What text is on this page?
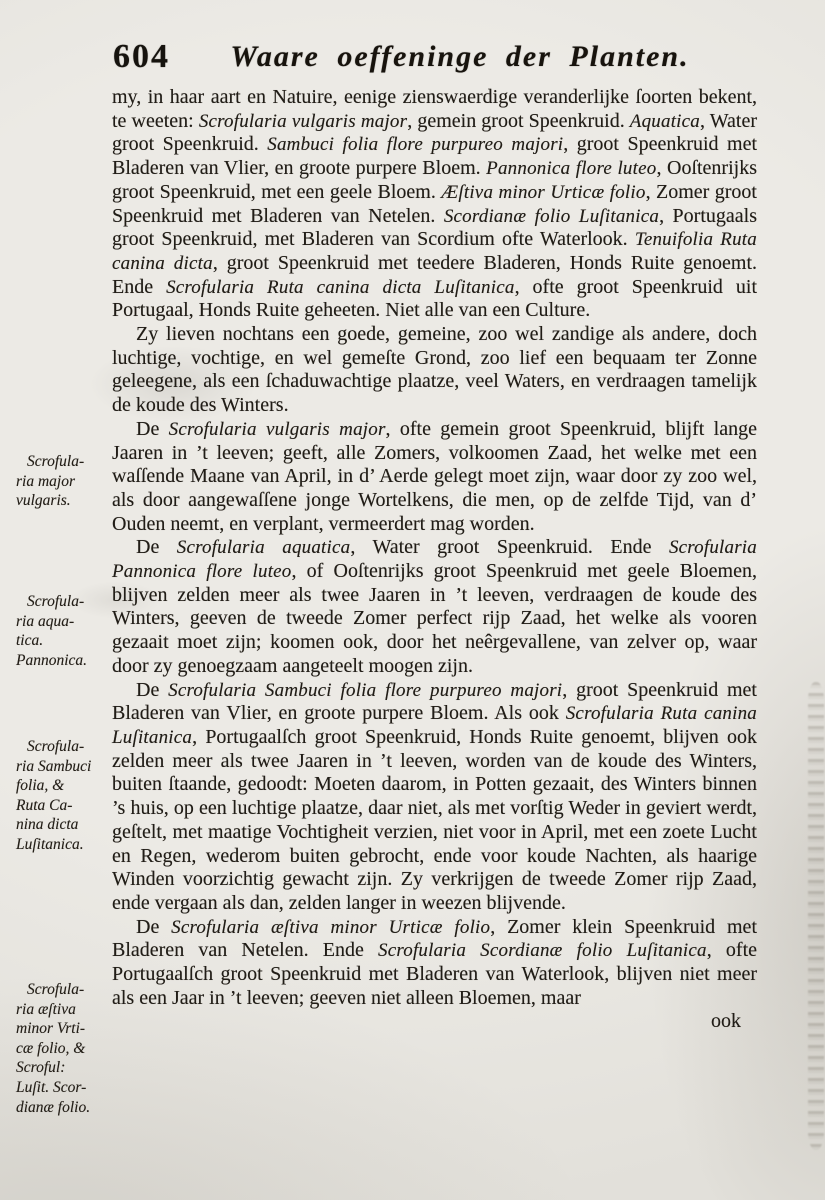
604	Waare oeffeninge der Planten.
Scrofula-
ria major
vulgaris.
Scrofula-
ria aqua-
tica.
Pannonica.
Scrofula-
ria Sambuci
folia, &
Ruta Ca-
nina dicta
Luſitanica.
Scrofula-
ria æſtiva
minor Vrti-
cæ folio, &
Scroful:
Luſit. Scor-
dianæ folio.

my, in haar aart en Natuire, eenige zienswaerdige veranderlijke ſoorten bekent, te weeten: Scrofularia vulgaris major, gemein groot Speenkruid. Aquatica, Water groot Speenkruid. Sambuci folia flore purpureo majori, groot Speenkruid met Bladeren van Vlier, en groote purpere Bloem. Pannonica flore luteo, Ooſtenrijks groot Speenkruid, met een geele Bloem. Æſtiva minor Urticæ folio, Zomer groot Speenkruid met Bladeren van Netelen. Scordianæ folio Luſitanica, Portugaals groot Speenkruid, met Bladeren van Scordium ofte Waterlook. Tenuifolia Ruta canina dicta, groot Speenkruid met teedere Bladeren, Honds Ruite genoemt. Ende Scrofularia Ruta canina dicta Luſitanica, ofte groot Speenkruid uit Portugaal, Honds Ruite geheeten. Niet alle van een Culture.

Zy lieven nochtans een goede, gemeine, zoo wel zandige als andere, doch luchtige, vochtige, en wel gemeſte Grond, zoo lief een bequaam ter Zonne geleegene, als een ſchaduwachtige plaatze, veel Waters, en verdraagen tamelijk de koude des Winters.

De Scrofularia vulgaris major, ofte gemein groot Speenkruid, blijft lange Jaaren in ’t leeven; geeft, alle Zomers, volkoomen Zaad, het welke met een waſſende Maane van April, in d’ Aerde gelegt moet zijn, waar door zy zoo wel, als door aangewaſſene jonge Wortelkens, die men, op de zelfde Tijd, van d’ Ouden neemt, en verplant, vermeerdert mag worden.

De Scrofularia aquatica, Water groot Speenkruid. Ende Scrofularia Pannonica flore luteo, of Ooſtenrijks groot Speenkruid met geele Bloemen, blijven zelden meer als twee Jaaren in ’t leeven, verdraagen de koude des Winters, geeven de tweede Zomer perfect rijp Zaad, het welke als vooren gezaait moet zijn; koomen ook, door het neêrgevallene, van zelver op, waar door zy genoegzaam aangeteelt moogen zijn.

De Scrofularia Sambuci folia flore purpureo majori, groot Speenkruid met Bladeren van Vlier, en groote purpere Bloem. Als ook Scrofularia Ruta canina Luſitanica, Portugaalſch groot Speenkruid, Honds Ruite genoemt, blijven ook zelden meer als twee Jaaren in ’t leeven, worden van de koude des Winters, buiten ſtaande, gedoodt: Moeten daarom, in Potten gezaait, des Winters binnen ’s huis, op een luchtige plaatze, daar niet, als met vorſtig Weder in geviert werdt, geſtelt, met maatige Vochtigheit verzien, niet voor in April, met een zoete Lucht en Regen, wederom buiten gebrocht, ende voor koude Nachten, als haarige Winden voorzichtig gewacht zijn. Zy verkrijgen de tweede Zomer rijp Zaad, ende vergaan als dan, zelden langer in weezen blijvende.

De Scrofularia æſtiva minor Urticæ folio, Zomer klein Speenkruid met Bladeren van Netelen. Ende Scrofularia Scordianæ folio Luſitanica, ofte Portugaalſch groot Speenkruid met Bladeren van Waterlook, blijven niet meer als een Jaar in ’t leeven; geeven niet alleen Bloemen, maar

ook
